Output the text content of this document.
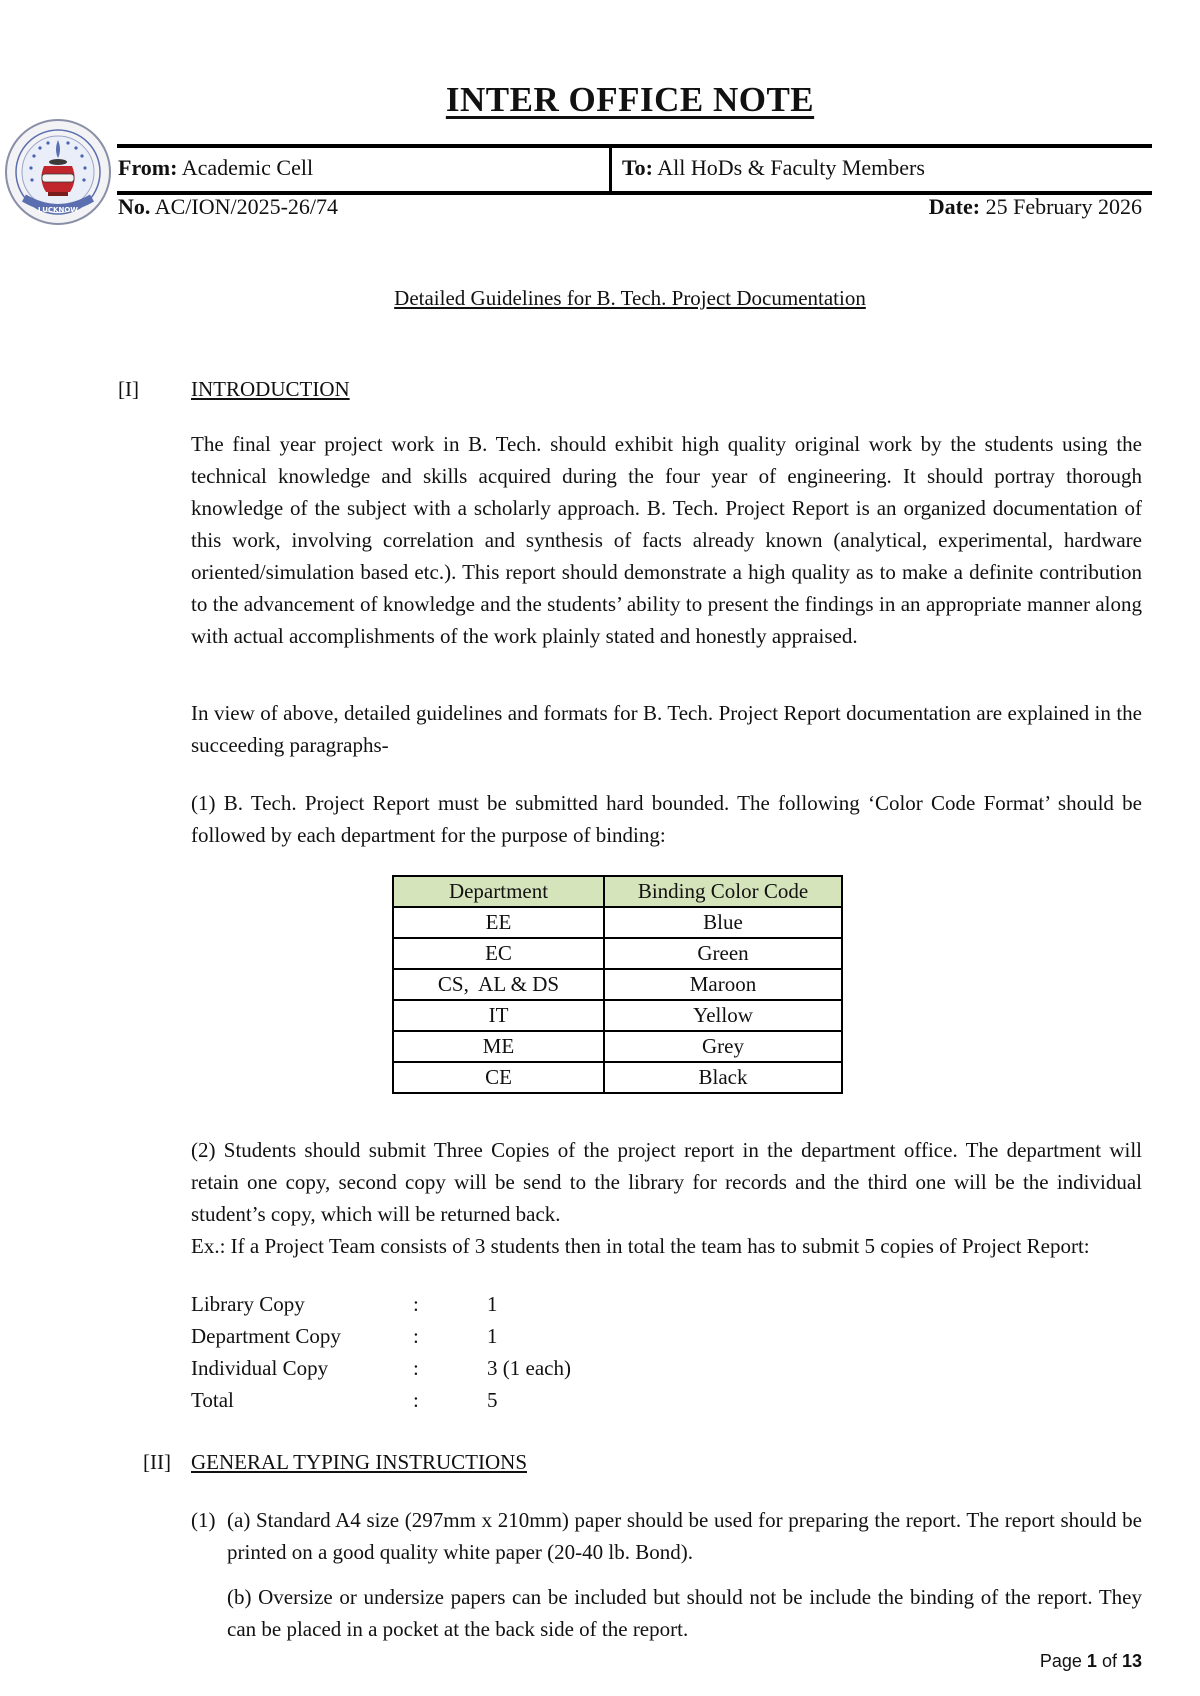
LUCKNOW
INTER OFFICE NOTE
From: Academic Cell	To: All HoDs & Faculty Members
No. AC/ION/2025-26/74	Date: 25 February 2026
Detailed Guidelines for B. Tech. Project Documentation
[I] INTRODUCTION
The final year project work in B. Tech. should exhibit high quality original work by the students using the technical knowledge and skills acquired during the four year of engineering. It should portray thorough knowledge of the subject with a scholarly approach. B. Tech. Project Report is an organized documentation of this work, involving correlation and synthesis of facts already known (analytical, experimental, hardware oriented/simulation based etc.). This report should demonstrate a high quality as to make a definite contribution to the advancement of knowledge and the students’ ability to present the findings in an appropriate manner along with actual accomplishments of the work plainly stated and honestly appraised.
In view of above, detailed guidelines and formats for B. Tech. Project Report documentation are explained in the succeeding paragraphs-
(1) B. Tech. Project Report must be submitted hard bounded. The following ‘Color Code Format’ should be followed by each department for the purpose of binding:
Department	Binding Color Code
EE	Blue
EC	Green
CS,  AL & DS	Maroon
IT	Yellow
ME	Grey
CE	Black
(2) Students should submit Three Copies of the project report in the department office. The department will retain one copy, second copy will be send to the library for records and the third one will be the individual student’s copy, which will be returned back.
Ex.: If a Project Team consists of 3 students then in total the team has to submit 5 copies of Project Report:
Library Copy	:	1
Department Copy	:	1
Individual Copy	:	3 (1 each)
Total	:	5
[II] GENERAL TYPING INSTRUCTIONS
(1) (a) Standard A4 size (297mm x 210mm) paper should be used for preparing the report. The report should be printed on a good quality white paper (20-40 lb. Bond).
(b) Oversize or undersize papers can be included but should not be include the binding of the report. They can be placed in a pocket at the back side of the report.
Page 1 of 13
